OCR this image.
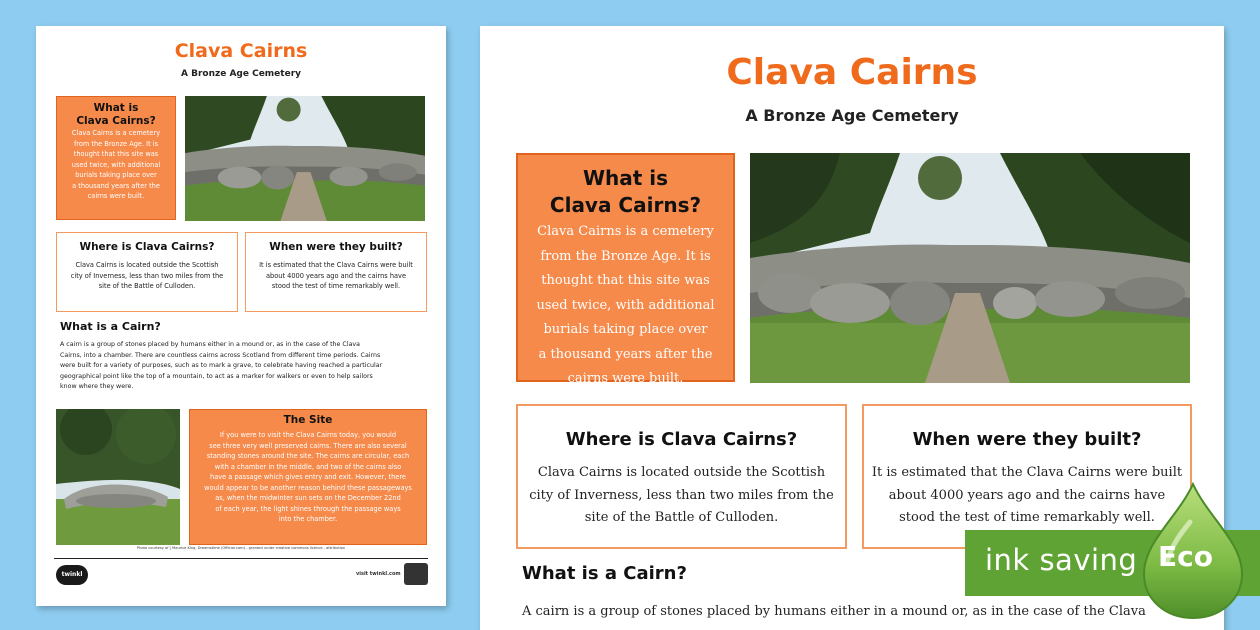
Clava Cairns
A Bronze Age Cemetery
What is
Clava Cairns?
Clava Cairns is a cemetery
from the Bronze Age. It is
thought that this site was
used twice, with additional
burials taking place over
a thousand years after the
cairns were built.
Where is Clava Cairns?
Clava Cairns is located outside the Scottish
city of Inverness, less than two miles from the
site of the Battle of Culloden.
When were they built?
It is estimated that the Clava Cairns were built
about 4000 years ago and the cairns have
stood the test of time remarkably well.
What is a Cairn?
A cairn is a group of stones placed by humans either in a mound or, as in the case of the Clava
Cairns, into a chamber. There are countless cairns across Scotland from different time periods. Cairns
were built for a variety of purposes, such as to mark a grave, to celebrate having reached a particular
geographical point like the top of a mountain, to act as a marker for walkers or even to help sailors
know where they were.
The Site
If you were to visit the Clava Cairns today, you would
see three very well preserved cairns. There are also several
standing stones around the site. The cairns are circular, each
with a chamber in the middle, and two of the cairns also
have a passage which gives entry and exit. However, there
would appear to be another reason behind these passageways
as, when the midwinter sun sets on the December 22nd
of each year, the light shines through the passage ways
into the chamber.
Photo courtesy of [ Maurice King, Dreamstime (Official.com) - granted under creative commons licence - attribution
twinkl	visit twinkl.com
Clava Cairns
A Bronze Age Cemetery
What is
Clava Cairns?
Clava Cairns is a cemetery
from the Bronze Age. It is
thought that this site was
used twice, with additional
burials taking place over
a thousand years after the
cairns were built.
Where is Clava Cairns?
Clava Cairns is located outside the Scottish
city of Inverness, less than two miles from the
site of the Battle of Culloden.
When were they built?
It is estimated that the Clava Cairns were built
about 4000 years ago and the cairns have
stood the test of time remarkably well.
What is a Cairn?
A cairn is a group of stones placed by humans either in a mound or, as in the case of the Clava
ink saving Eco
